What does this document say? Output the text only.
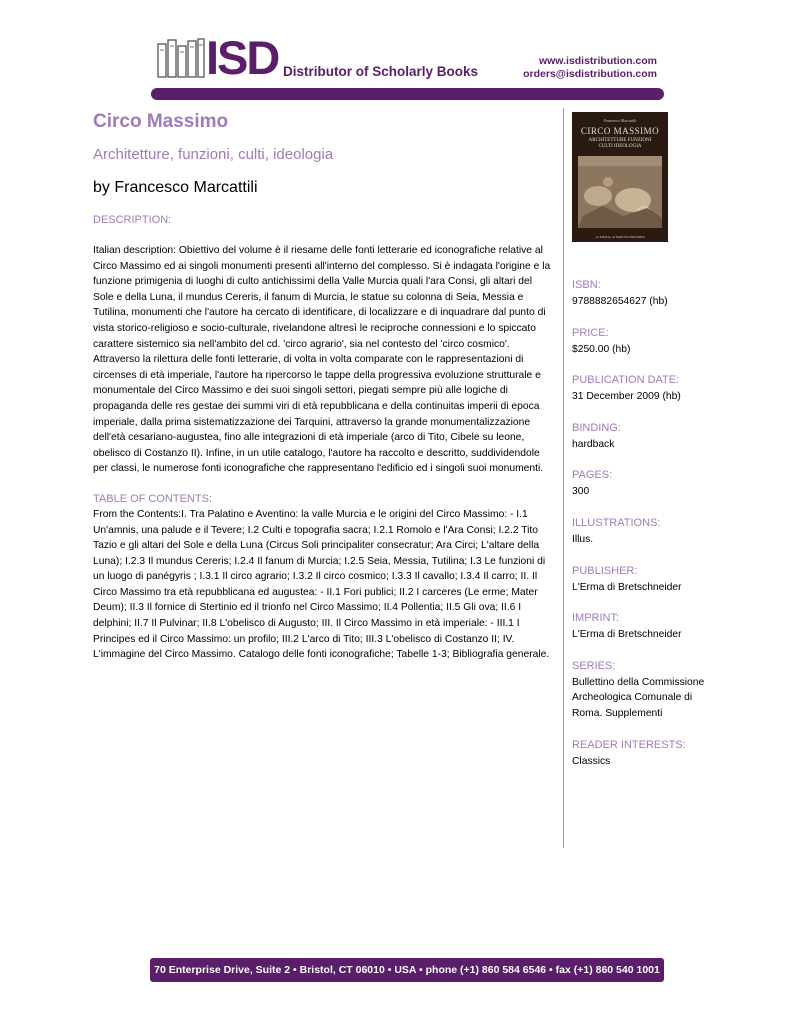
ISD Distributor of Scholarly Books
www.isdistribution.com
orders@isdistribution.com
Circo Massimo
Architetture, funzioni, culti, ideologia
by Francesco Marcattili
DESCRIPTION:
Italian description: Obiettivo del volume è il riesame delle fonti letterarie ed iconografiche relative al Circo Massimo ed ai singoli monumenti presenti all'interno del complesso. Si è indagata l'origine e la funzione primigenia di luoghi di culto antichissimi della Valle Murcia quali l'ara Consi, gli altari del Sole e della Luna, il mundus Cereris, il fanum di Murcia, le statue su colonna di Seia, Messia e Tutilina, monumenti che l'autore ha cercato di identificare, di localizzare e di inquadrare dal punto di vista storico-religioso e socio-culturale, rivelandone altresì le reciproche connessioni e lo spiccato carattere sistemico sia nell'ambito del cd. 'circo agrario', sia nel contesto del 'circo cosmico'. Attraverso la rilettura delle fonti letterarie, di volta in volta comparate con le rappresentazioni di circenses di età imperiale, l'autore ha ripercorso le tappe della progressiva evoluzione strutturale e monumentale del Circo Massimo e dei suoi singoli settori, piegati sempre più alle logiche di propaganda delle res gestae dei summi viri di età repubblicana e della continuitas imperii di epoca imperiale, dalla prima sistematizzazione dei Tarquini, attraverso la grande monumentalizzazione dell'età cesariano-augustea, fino alle integrazioni di età imperiale (arco di Tito, Cibele su leone, obelisco di Costanzo II). Infine, in un utile catalogo, l'autore ha raccolto e descritto, suddividendole per classi, le numerose fonti iconografiche che rappresentano l'edificio ed i singoli suoi monumenti.
TABLE OF CONTENTS:
From the Contents:I. Tra Palatino e Aventino: la valle Murcia e le origini del Circo Massimo: - I.1 Un'amnis, una palude e il Tevere; I.2 Culti e topografia sacra; I.2.1 Romolo e l'Ara Consi; I.2.2 Tito Tazio e gli altari del Sole e della Luna (Circus Soli principaliter consecratur; Ara Circi; L'altare della Luna); I.2.3 Il mundus Cereris; I.2.4 Il fanum di Murcia; I.2.5 Seia, Messia, Tutilina; I.3 Le funzioni di un luogo di panégyris ; I.3.1 Il circo agrario; I.3.2 Il circo cosmico; I.3.3 Il cavallo; I.3.4 Il carro; II. Il Circo Massimo tra età repubblicana ed augustea: - II.1 Fori publici; II.2 I carceres (Le erme; Mater Deum); II.3 Il fornice di Stertinio ed il trionfo nel Circo Massimo; II.4 Pollentia; II.5 Gli ova; II.6 I delphini; II.7 Il Pulvinar; II.8 L'obelisco di Augusto; III. Il Circo Massimo in età imperiale: - III.1 I Principes ed il Circo Massimo: un profilo; III.2 L'arco di Tito; III.3 L'obelisco di Costanzo II; IV. L'immagine del Circo Massimo. Catalogo delle fonti iconografiche; Tabelle 1-3; Bibliografia generale.
Francesco Marcattili
CIRCO MASSIMO
ARCHITETTURE FUNZIONI
CULTI IDEOLOGIA
«L'ERMA» di BRETSCHNEIDER
ISBN:
9788882654627 (hb)
PRICE:
$250.00 (hb)
PUBLICATION DATE:
31 December 2009 (hb)
BINDING:
hardback
PAGES:
300
ILLUSTRATIONS:
Illus.
PUBLISHER:
L'Erma di Bretschneider
IMPRINT:
L'Erma di Bretschneider
SERIES:
Bullettino della Commissione Archeologica Comunale di Roma. Supplementi
READER INTERESTS:
Classics
70 Enterprise Drive, Suite 2 • Bristol, CT 06010 • USA • phone (+1) 860 584 6546 • fax (+1) 860 540 1001
